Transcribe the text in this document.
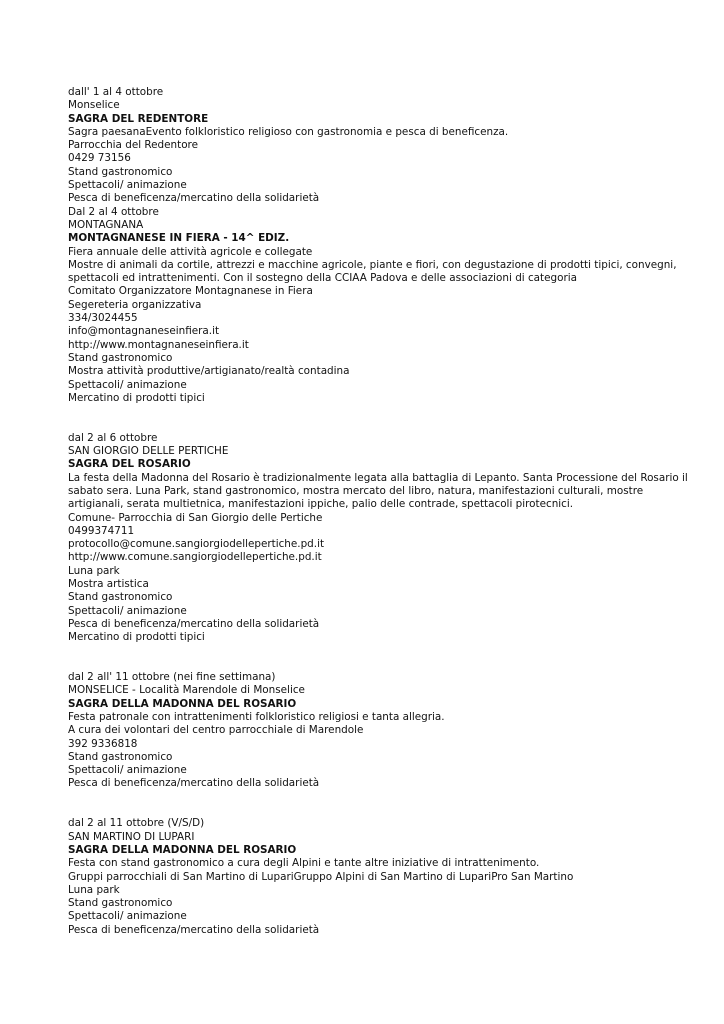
dall' 1 al 4 ottobre
Monselice
SAGRA DEL REDENTORE
Sagra paesanaEvento folkloristico religioso con gastronomia e pesca di beneficenza.
Parrocchia del Redentore
0429 73156
Stand gastronomico
Spettacoli/ animazione
Pesca di beneficenza/mercatino della solidarietà
Dal 2 al 4 ottobre
MONTAGNANA
MONTAGNANESE IN FIERA - 14^ EDIZ.
Fiera annuale delle attività agricole e collegate
Mostre di animali da cortile, attrezzi e macchine agricole, piante e fiori, con degustazione di prodotti tipici, convegni,
spettacoli ed intrattenimenti. Con il sostegno della CCIAA Padova e delle associazioni di categoria
Comitato Organizzatore Montagnanese in Fiera
Segereteria organizzativa
334/3024455
info@montagnaneseinfiera.it
http://www.montagnaneseinfiera.it
Stand gastronomico
Mostra attività produttive/artigianato/realtà contadina
Spettacoli/ animazione
Mercatino di prodotti tipici
dal 2 al 6 ottobre
SAN GIORGIO DELLE PERTICHE
SAGRA DEL ROSARIO
La festa della Madonna del Rosario è tradizionalmente legata alla battaglia di Lepanto. Santa Processione del Rosario il
sabato sera. Luna Park, stand gastronomico, mostra mercato del libro, natura, manifestazioni culturali, mostre
artigianali, serata multietnica, manifestazioni ippiche, palio delle contrade, spettacoli pirotecnici.
Comune- Parrocchia di San Giorgio delle Pertiche
0499374711
protocollo@comune.sangiorgiodellepertiche.pd.it
http://www.comune.sangiorgiodellepertiche.pd.it
Luna park
Mostra artistica
Stand gastronomico
Spettacoli/ animazione
Pesca di beneficenza/mercatino della solidarietà
Mercatino di prodotti tipici
dal 2 all' 11 ottobre (nei fine settimana)
MONSELICE - Località Marendole di Monselice
SAGRA DELLA MADONNA DEL ROSARIO
Festa patronale con intrattenimenti folkloristico religiosi e tanta allegria.
A cura dei volontari del centro parrocchiale di Marendole
392 9336818
Stand gastronomico
Spettacoli/ animazione
Pesca di beneficenza/mercatino della solidarietà
dal 2 al 11 ottobre (V/S/D)
SAN MARTINO DI LUPARI
SAGRA DELLA MADONNA DEL ROSARIO
Festa con stand gastronomico a cura degli Alpini e tante altre iniziative di intrattenimento.
Gruppi parrocchiali di San Martino di LupariGruppo Alpini di San Martino di LupariPro San Martino
Luna park
Stand gastronomico
Spettacoli/ animazione
Pesca di beneficenza/mercatino della solidarietà
